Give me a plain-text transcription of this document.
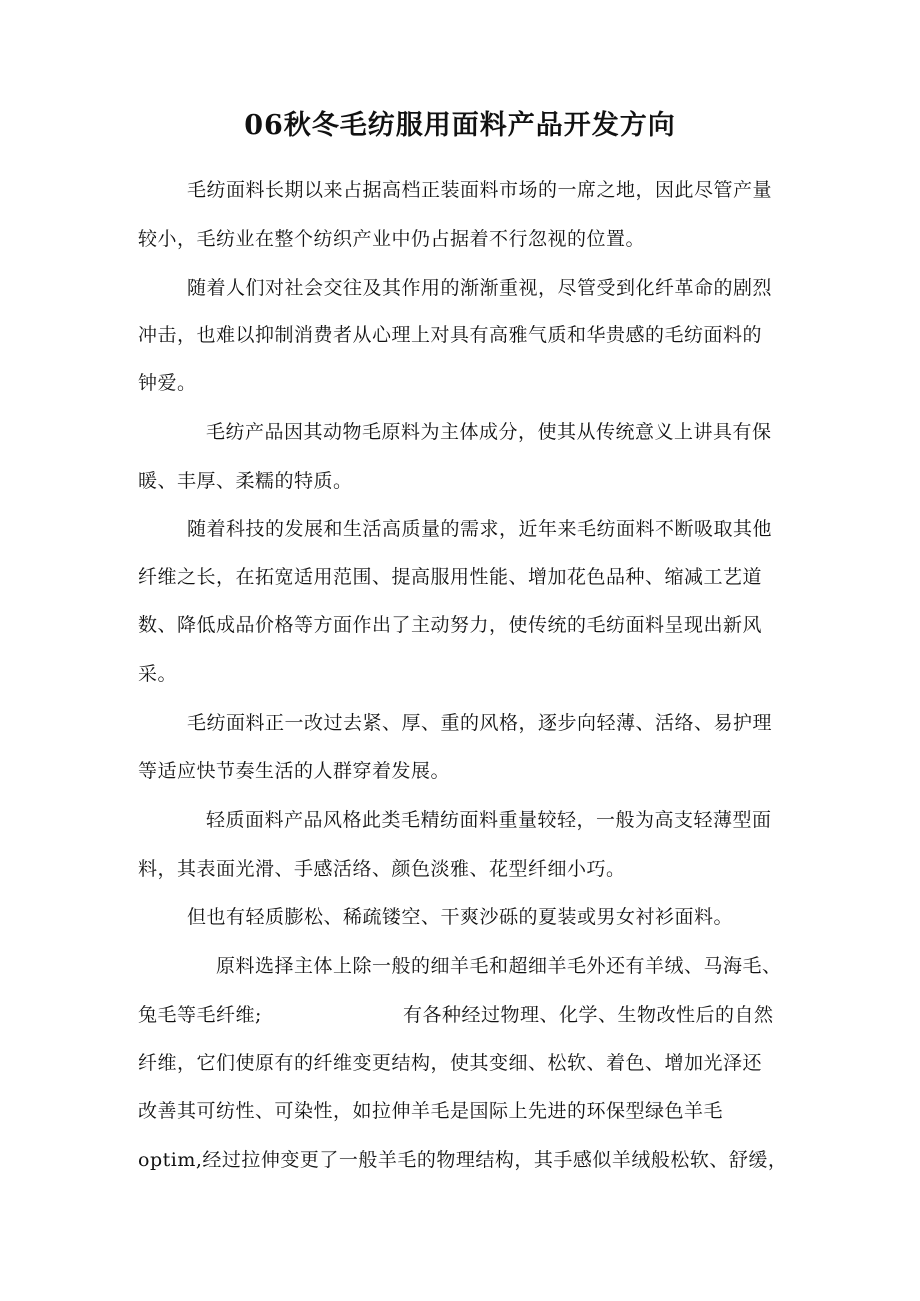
06秋冬毛纺服用面料产品开发方向
毛纺面料长期以来占据高档正装面料市场的一席之地，因此尽管产量
较小，毛纺业在整个纺织产业中仍占据着不行忽视的位置。
随着人们对社会交往及其作用的渐渐重视，尽管受到化纤革命的剧烈
冲击，也难以抑制消费者从心理上对具有高雅气质和华贵感的毛纺面料的
钟爱。
毛纺产品因其动物毛原料为主体成分，使其从传统意义上讲具有保
暖、丰厚、柔糯的特质。
随着科技的发展和生活高质量的需求，近年来毛纺面料不断吸取其他
纤维之长，在拓宽适用范围、提高服用性能、增加花色品种、缩减工艺道
数、降低成品价格等方面作出了主动努力，使传统的毛纺面料呈现出新风
采。
毛纺面料正一改过去紧、厚、重的风格，逐步向轻薄、活络、易护理
等适应快节奏生活的人群穿着发展。
轻质面料产品风格此类毛精纺面料重量较轻，一般为高支轻薄型面
料，其表面光滑、手感活络、颜色淡雅、花型纤细小巧。
但也有轻质膨松、稀疏镂空、干爽沙砾的夏装或男女衬衫面料。
原料选择主体上除一般的细羊毛和超细羊毛外还有羊绒、马海毛、
兔毛等毛纤维;	有各种经过物理、化学、生物改性后的自然
纤维，它们使原有的纤维变更结构，使其变细、松软、着色、增加光泽还
改善其可纺性、可染性，如拉伸羊毛是国际上先进的环保型绿色羊毛
optim,经过拉伸变更了一般羊毛的物理结构，其手感似羊绒般松软、舒缓，
